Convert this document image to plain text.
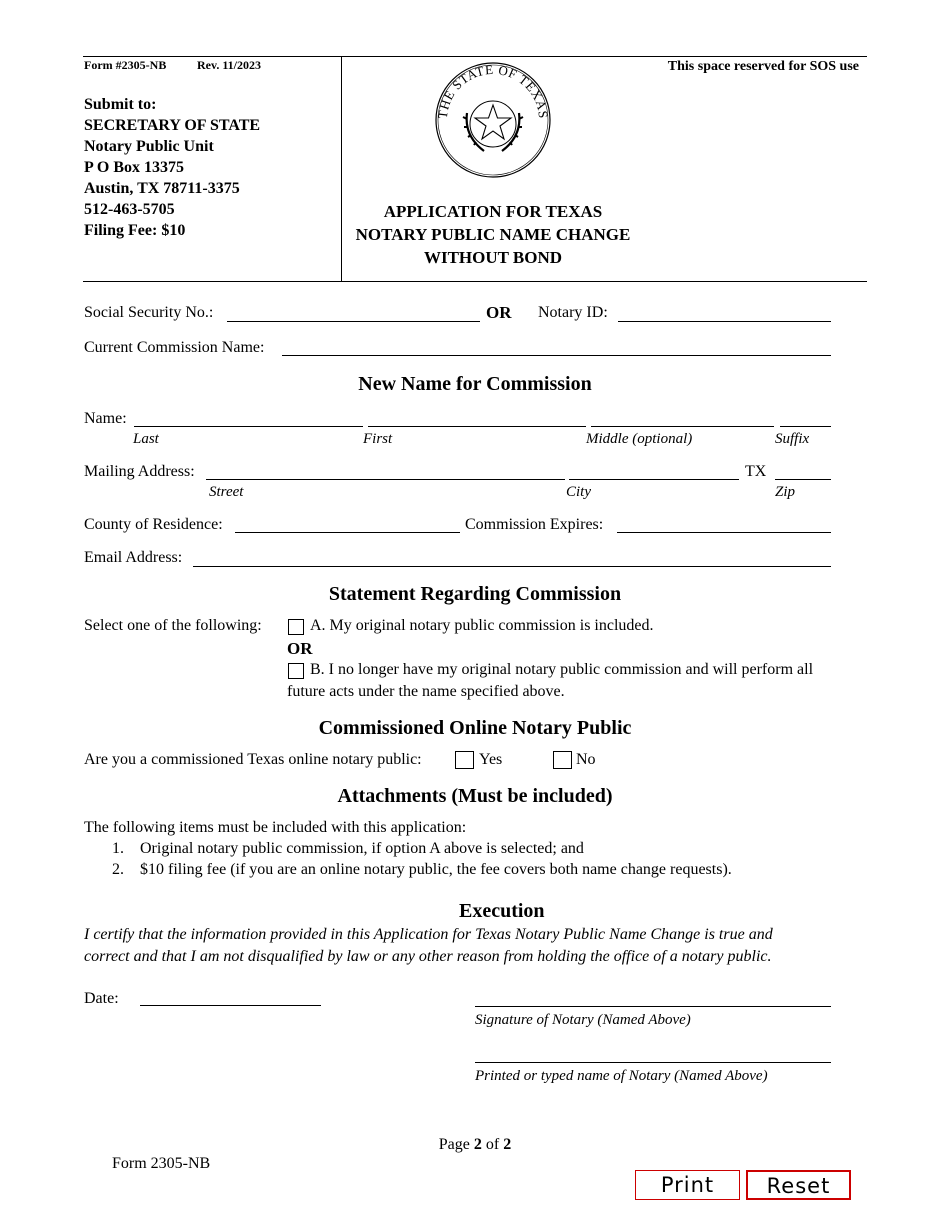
Form #2305-NB	Rev. 11/2023	This space reserved for SOS use
Submit to:
SECRETARY OF STATE
Notary Public Unit
P O Box 13375
Austin, TX 78711-3375
512-463-5705
Filing Fee: $10
THE STATE OF TEXAS
APPLICATION FOR TEXAS
NOTARY PUBLIC NAME CHANGE
WITHOUT BOND
Social Security No.:	OR Notary ID:
Current Commission Name:
New Name for Commission
Name:
Last	First	Middle (optional)	Suffix
Mailing Address:	TX
Street	City	Zip
County of Residence:	Commission Expires:
Email Address:
Statement Regarding Commission
Select one of the following:	A. My original notary public commission is included.
OR
B. I no longer have my original notary public commission and will perform all
future acts under the name specified above.
Commissioned Online Notary Public
Are you a commissioned Texas online notary public:	Yes	No
Attachments (Must be included)
The following items must be included with this application:
1. Original notary public commission, if option A above is selected; and
2. $10 filing fee (if you are an online notary public, the fee covers both name change requests).
Execution
I certify that the information provided in this Application for Texas Notary Public Name Change is true and
correct and that I am not disqualified by law or any other reason from holding the office of a notary public.
Date:
Signature of Notary (Named Above)
Printed or typed name of Notary (Named Above)
Page 2 of 2
Form 2305-NB
Print	Reset
